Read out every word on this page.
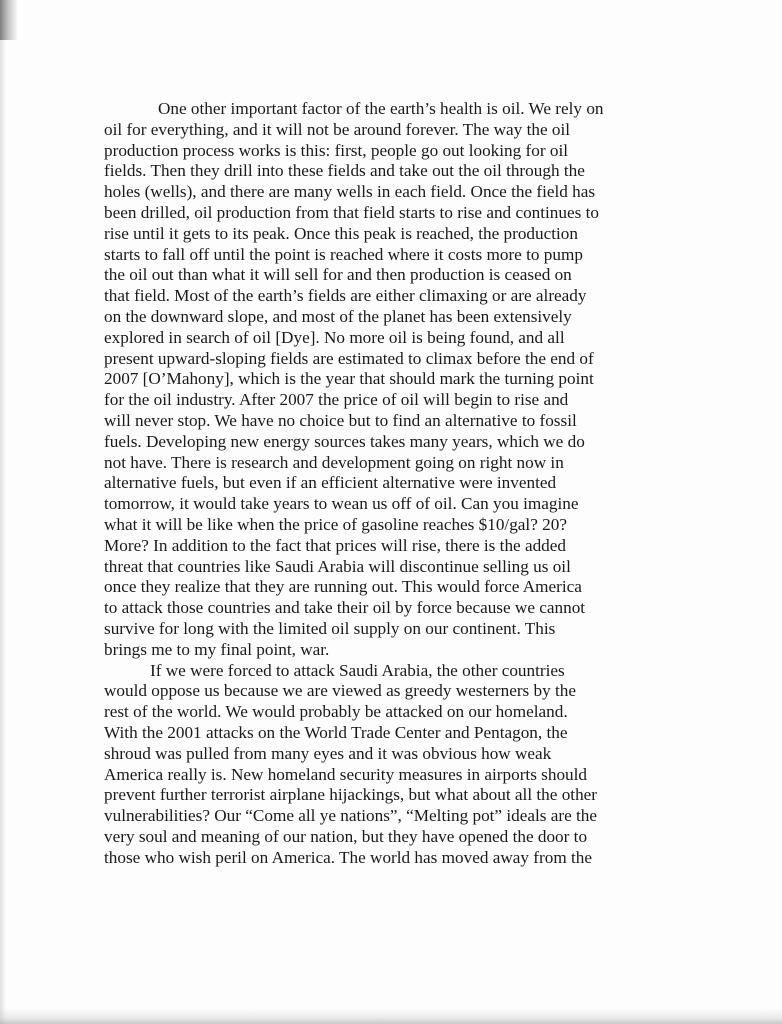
One other important factor of the earth’s health is oil. We rely on
oil for everything, and it will not be around forever. The way the oil
production process works is this: first, people go out looking for oil
fields. Then they drill into these fields and take out the oil through the
holes (wells), and there are many wells in each field. Once the field has
been drilled, oil production from that field starts to rise and continues to
rise until it gets to its peak. Once this peak is reached, the production
starts to fall off until the point is reached where it costs more to pump
the oil out than what it will sell for and then production is ceased on
that field. Most of the earth’s fields are either climaxing or are already
on the downward slope, and most of the planet has been extensively
explored in search of oil [Dye]. No more oil is being found, and all
present upward-sloping fields are estimated to climax before the end of
2007 [O’Mahony], which is the year that should mark the turning point
for the oil industry. After 2007 the price of oil will begin to rise and
will never stop. We have no choice but to find an alternative to fossil
fuels. Developing new energy sources takes many years, which we do
not have. There is research and development going on right now in
alternative fuels, but even if an efficient alternative were invented
tomorrow, it would take years to wean us off of oil. Can you imagine
what it will be like when the price of gasoline reaches $10/gal? 20?
More? In addition to the fact that prices will rise, there is the added
threat that countries like Saudi Arabia will discontinue selling us oil
once they realize that they are running out. This would force America
to attack those countries and take their oil by force because we cannot
survive for long with the limited oil supply on our continent. This
brings me to my final point, war.
If we were forced to attack Saudi Arabia, the other countries
would oppose us because we are viewed as greedy westerners by the
rest of the world. We would probably be attacked on our homeland.
With the 2001 attacks on the World Trade Center and Pentagon, the
shroud was pulled from many eyes and it was obvious how weak
America really is. New homeland security measures in airports should
prevent further terrorist airplane hijackings, but what about all the other
vulnerabilities? Our “Come all ye nations”, “Melting pot” ideals are the
very soul and meaning of our nation, but they have opened the door to
those who wish peril on America. The world has moved away from the
